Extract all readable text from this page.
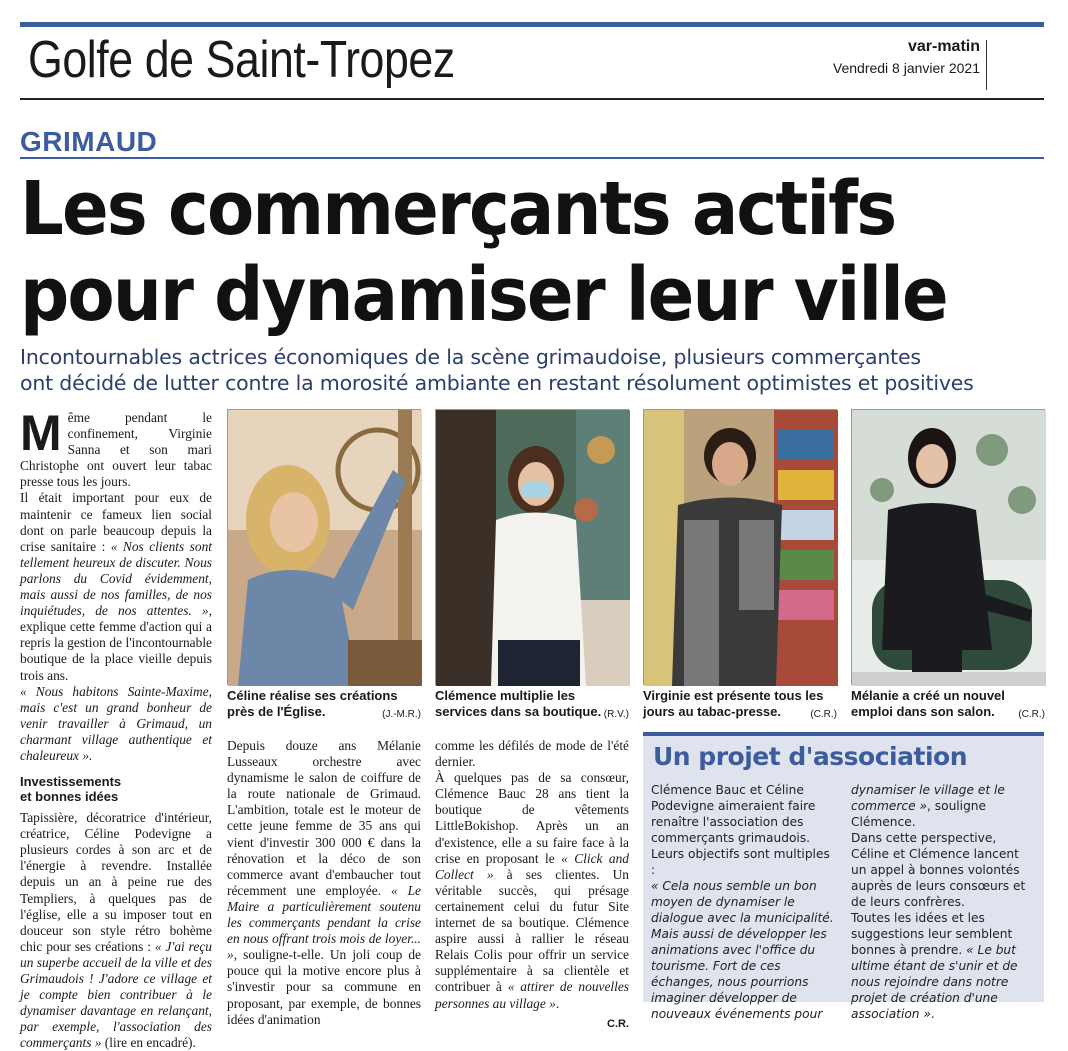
Golfe de Saint-Tropez	var-matin
Vendredi 8 janvier 2021
GRIMAUD
Les commerçants actifs
pour dynamiser leur ville
Incontournables actrices économiques de la scène grimaudoise, plusieurs commerçantes
ont décidé de lutter contre la morosité ambiante en restant résolument optimistes et positives

Même pendant le confinement, Virginie Sanna et son mari Christophe ont ouvert leur tabac presse tous les jours.

Il était important pour eux de maintenir ce fameux lien social dont on parle beaucoup depuis la crise sanitaire : « Nos clients sont tellement heureux de discuter. Nous parlons du Covid évidemment, mais aussi de nos familles, de nos inquiétudes, de nos attentes. », explique cette femme d'action qui a repris la gestion de l'incontournable boutique de la place vieille depuis trois ans.

« Nous habitons Sainte-Maxime, mais c'est un grand bonheur de venir travailler à Grimaud, un charmant village authentique et chaleureux ».

Investissements
et bonnes idées

Tapissière, décoratrice d'intérieur, créatrice, Céline Podevigne a plusieurs cordes à son arc et de l'énergie à revendre. Installée depuis un an à peine rue des Templiers, à quelques pas de l'église, elle a su imposer tout en douceur son style rétro bohème chic pour ses créations : « J'ai reçu un superbe accueil de la ville et des Grimaudois ! J'adore ce village et je compte bien contribuer à le dynamiser davantage en relançant, par exemple, l'association des commerçants » (lire en encadré).

Céline réalise ses créations près de l'Église.	(J.-M.R.)
Clémence multiplie les services dans sa boutique. (R.V.)
Virginie est présente tous les jours au tabac-presse.	(C.R.)
Mélanie a créé un nouvel emploi dans son salon. (C.R.)

Depuis douze ans Mélanie Lusseaux orchestre avec dynamisme le salon de coiffure de la route nationale de Grimaud. L'ambition, totale est le moteur de cette jeune femme de 35 ans qui vient d'investir 300 000 € dans la rénovation et la déco de son commerce avant d'embaucher tout récemment une employée. « Le Maire a particulièrement soutenu les commerçants pendant la crise en nous offrant trois mois de loyer... », souligne-t-elle. Un joli coup de pouce qui la motive encore plus à s'investir pour sa commune en proposant, par exemple, de bonnes idées d'animation

comme les défilés de mode de l'été dernier.

À quelques pas de sa consœur, Clémence Bauc 28 ans tient la boutique de vêtements LittleBokishop. Après un an d'existence, elle a su faire face à la crise en proposant le « Click and Collect » à ses clientes. Un véritable succès, qui présage certainement celui du futur Site internet de sa boutique. Clémence aspire aussi à rallier le réseau Relais Colis pour offrir un service supplémentaire à sa clientèle et contribuer à « attirer de nouvelles personnes au village ».

C.R.
Un projet d'association

Clémence Bauc et Céline Podevigne aimeraient faire renaître l'association des commerçants grimaudois.

Leurs objectifs sont multiples :

« Cela nous semble un bon moyen de dynamiser le dialogue avec la municipalité. Mais aussi de développer les animations avec l'office du tourisme. Fort de ces échanges, nous pourrions imaginer développer de nouveaux événements pour

dynamiser le village et le commerce », souligne Clémence.

Dans cette perspective, Céline et Clémence lancent un appel à bonnes volontés auprès de leurs consœurs et de leurs confrères.

Toutes les idées et les suggestions leur semblent bonnes à prendre. « Le but ultime étant de s'unir et de nous rejoindre dans notre projet de création d'une association ».
